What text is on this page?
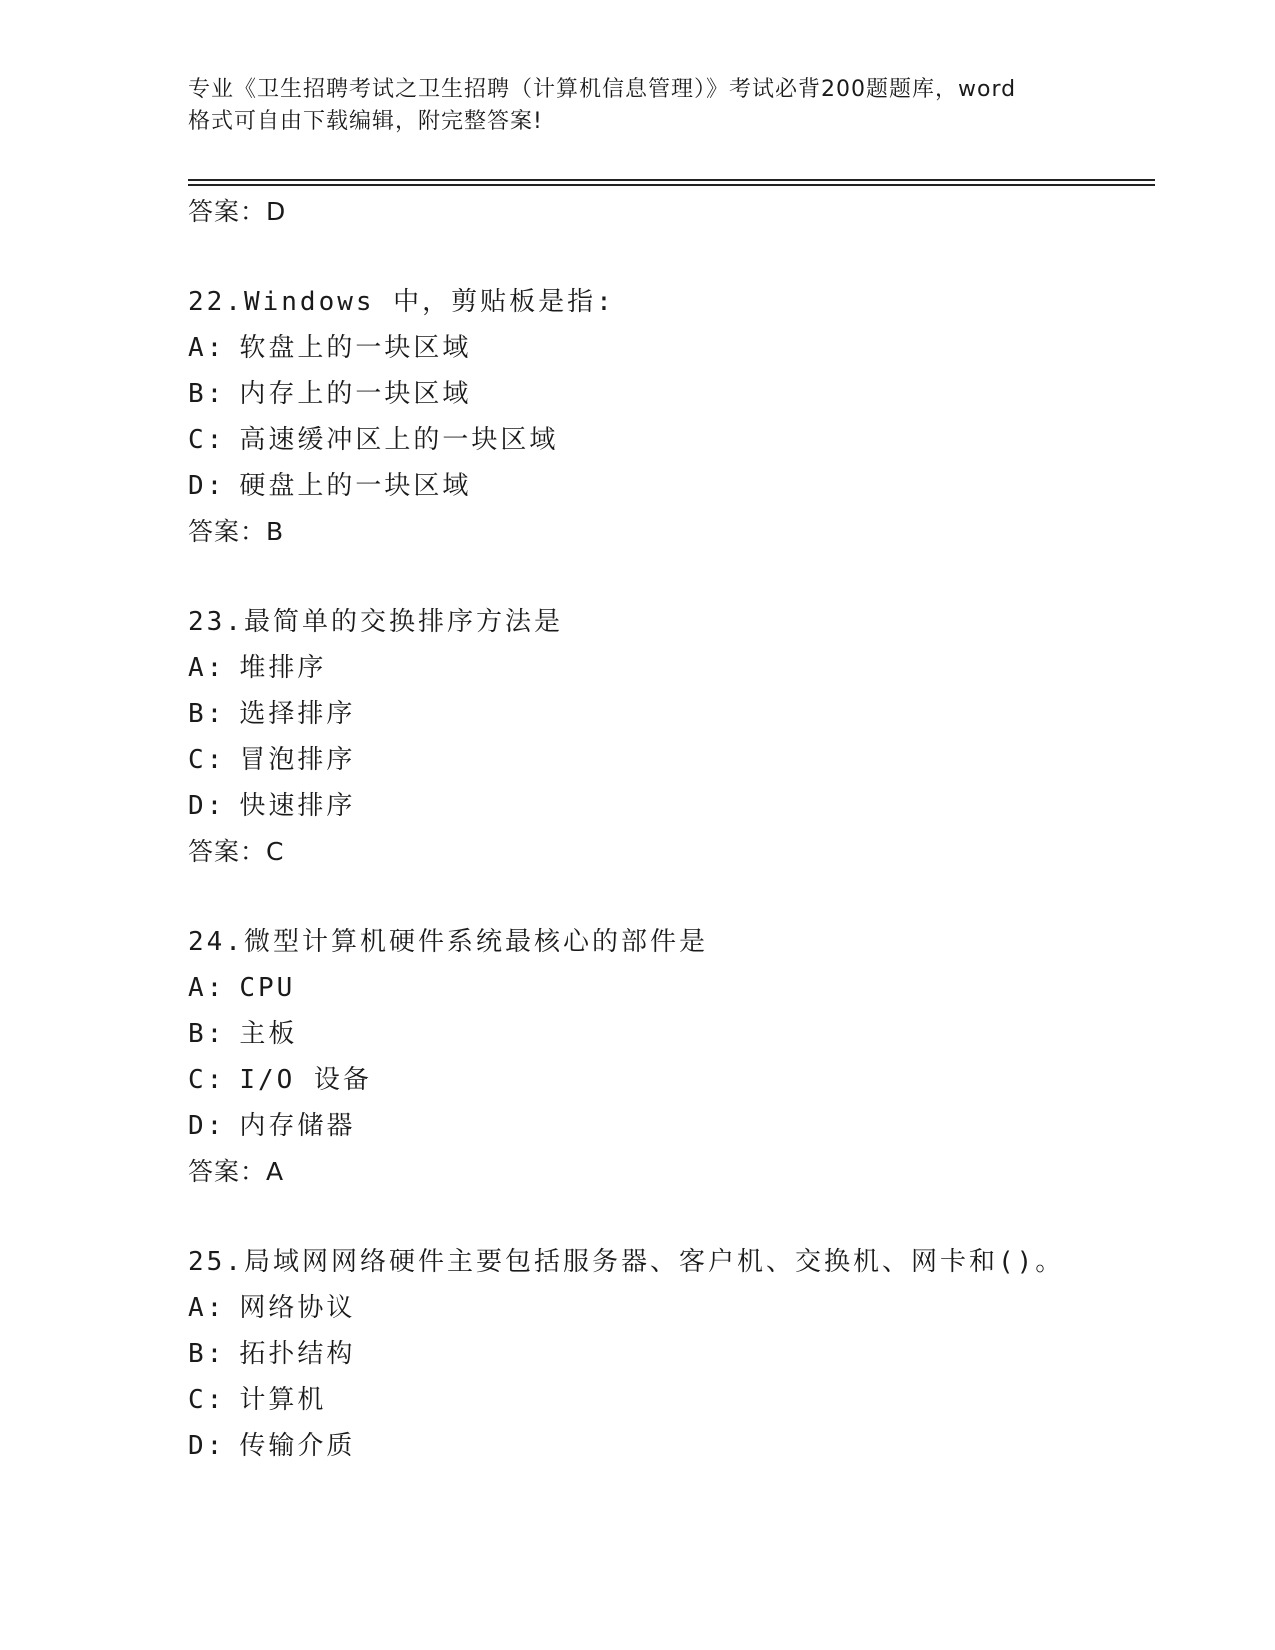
专业《卫生招聘考试之卫生招聘（计算机信息管理）》考试必背200题题库，word
格式可自由下载编辑，附完整答案!
答案：D
22.Windows 中，剪贴板是指:
A: 软盘上的一块区域
B: 内存上的一块区域
C: 高速缓冲区上的一块区域
D: 硬盘上的一块区域
答案：B
23.最简单的交换排序方法是
A: 堆排序
B: 选择排序
C: 冒泡排序
D: 快速排序
答案：C
24.微型计算机硬件系统最核心的部件是
A: CPU
B: 主板
C: I/O 设备
D: 内存储器
答案：A
25.局域网网络硬件主要包括服务器、客户机、交换机、网卡和()。
A: 网络协议
B: 拓扑结构
C: 计算机
D: 传输介质
